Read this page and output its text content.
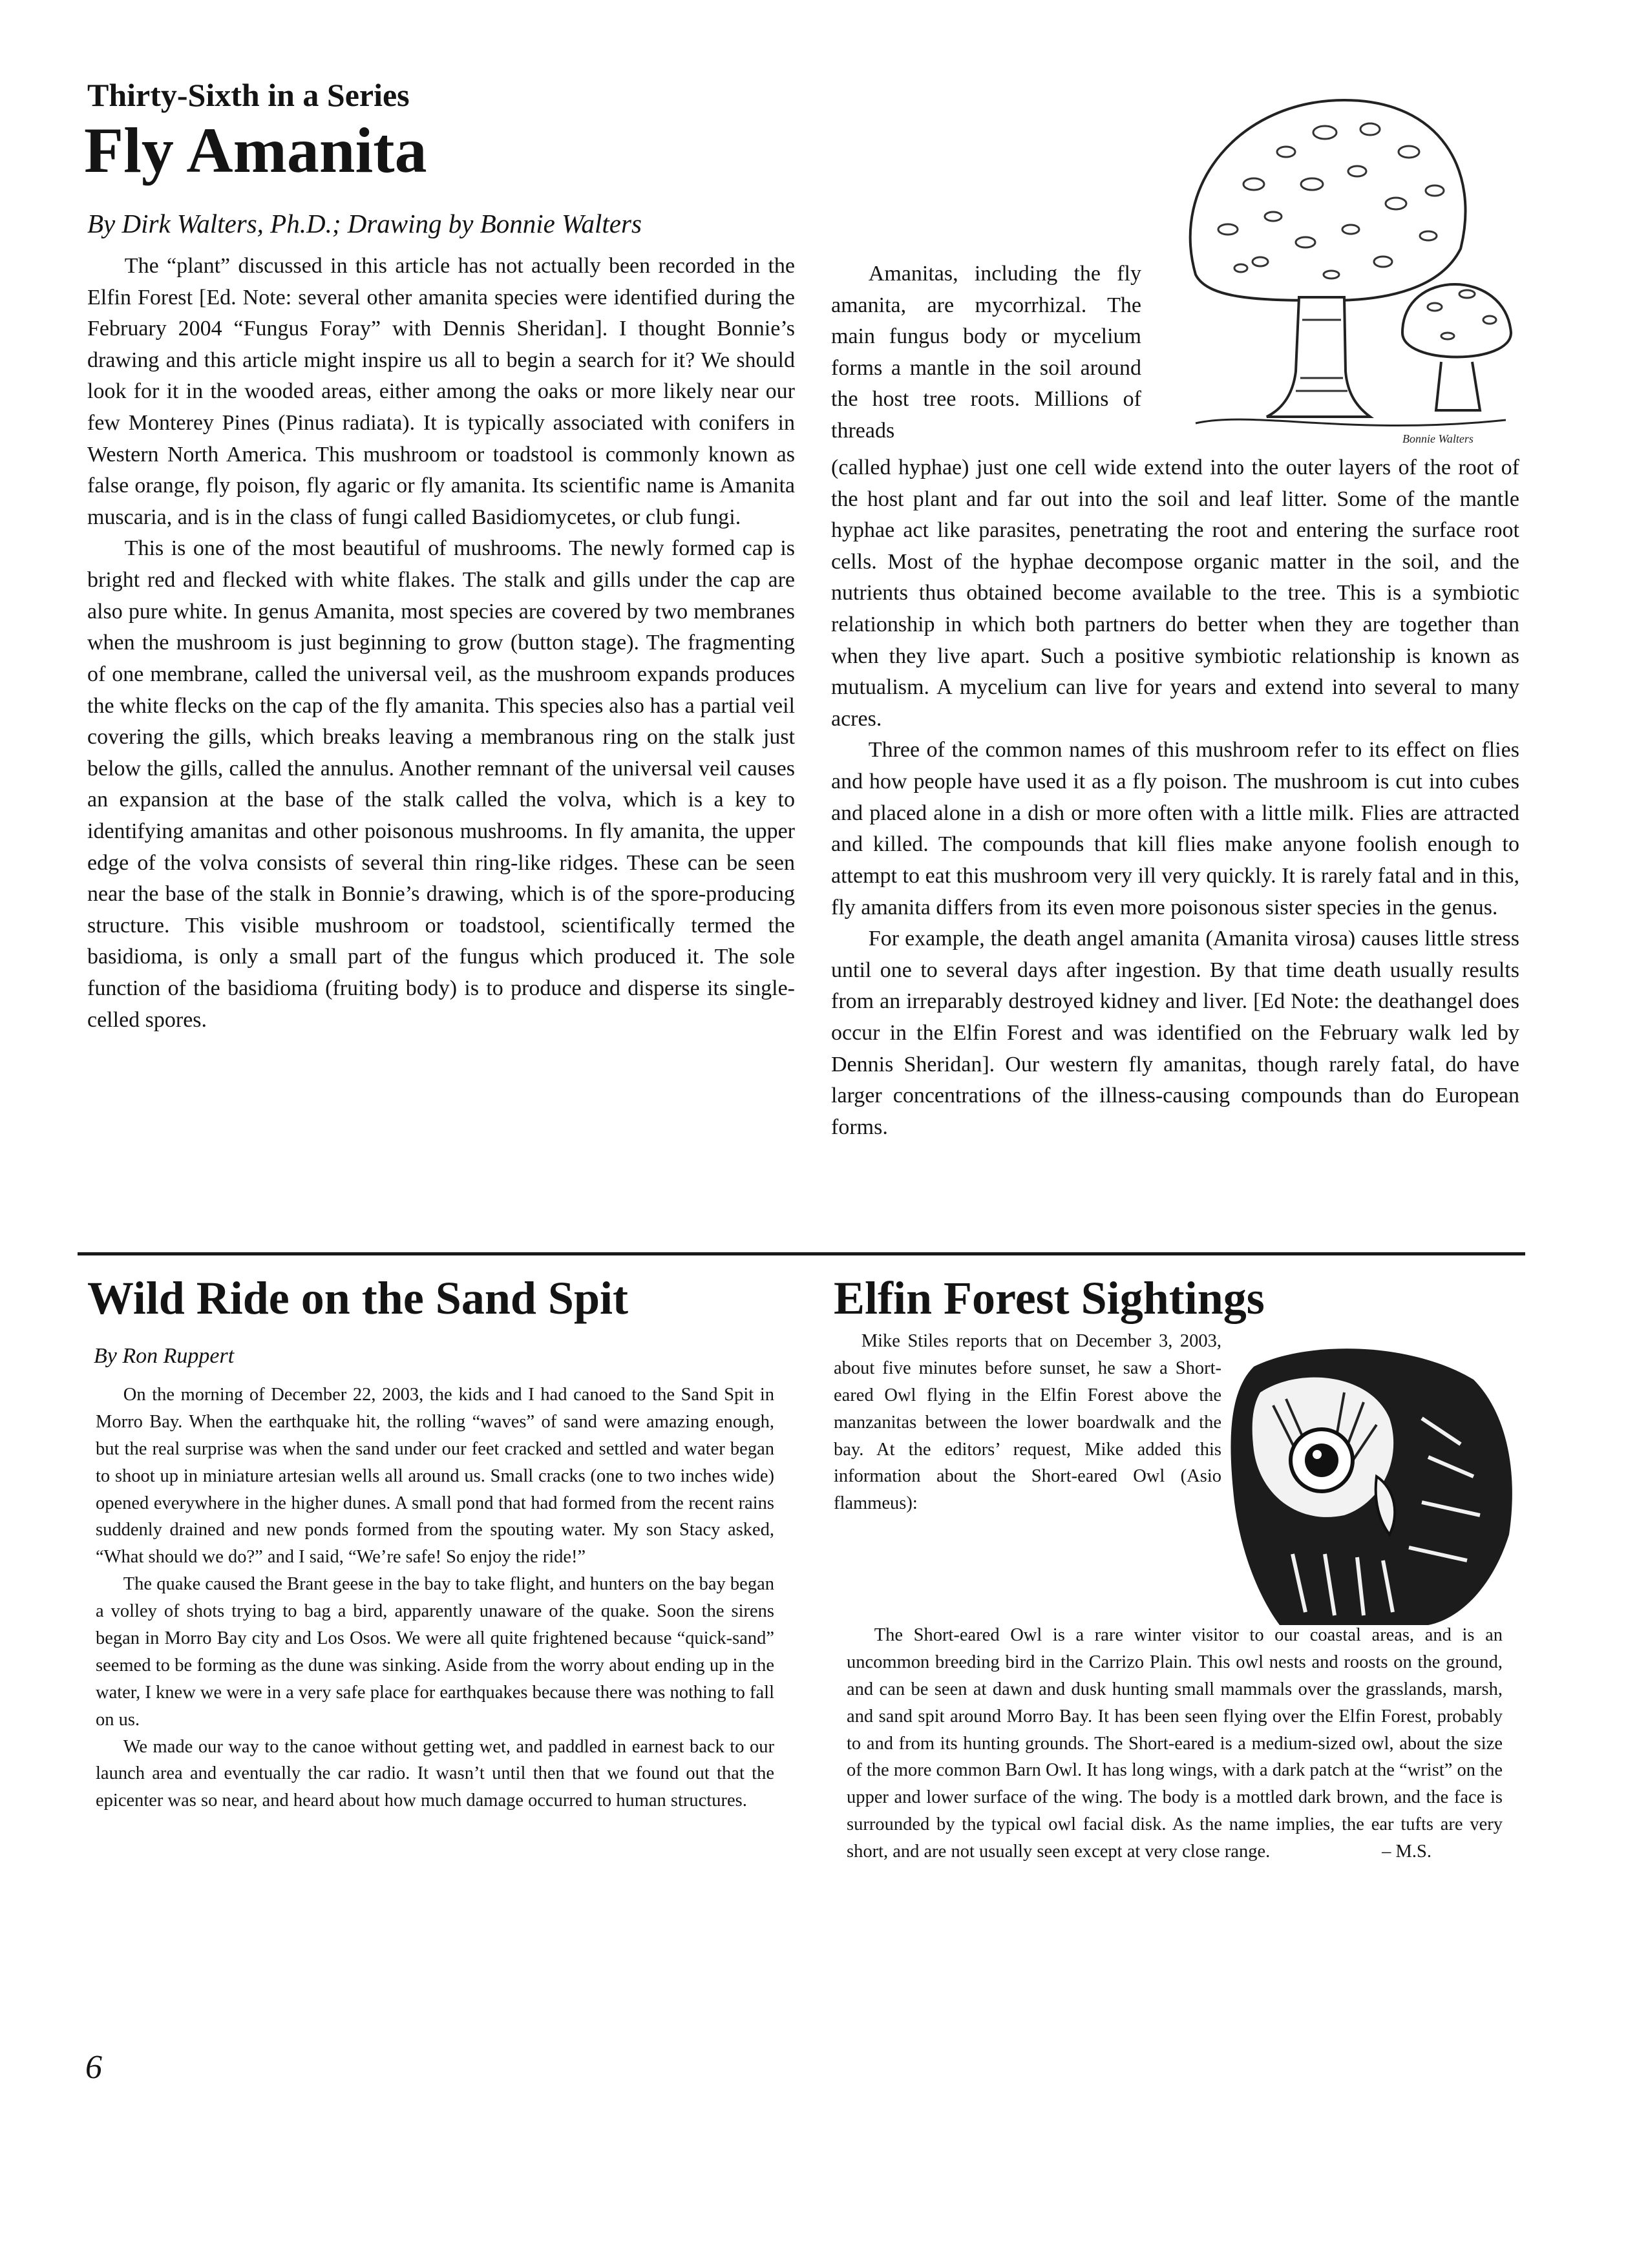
Thirty-Sixth in a Series
Fly Amanita
By Dirk Walters, Ph.D.; Drawing by Bonnie Walters

The “plant” discussed in this article has not actually been recorded in the Elfin Forest [Ed. Note: several other amanita species were identified during the February 2004 “Fungus Foray” with Dennis Sheridan]. I thought Bonnie’s drawing and this article might inspire us all to begin a search for it? We should look for it in the wooded areas, either among the oaks or more likely near our few Monterey Pines (Pinus radiata). It is typically associated with conifers in Western North America. This mushroom or toadstool is commonly known as false orange, fly poison, fly agaric or fly amanita. Its scientific name is Amanita muscaria, and is in the class of fungi called Basidiomycetes, or club fungi.

This is one of the most beautiful of mushrooms. The newly formed cap is bright red and flecked with white flakes. The stalk and gills under the cap are also pure white. In genus Amanita, most species are covered by two membranes when the mushroom is just beginning to grow (button stage). The fragmenting of one membrane, called the universal veil, as the mushroom expands produces the white flecks on the cap of the fly amanita. This species also has a partial veil covering the gills, which breaks leaving a membranous ring on the stalk just below the gills, called the annulus. Another remnant of the universal veil causes an expansion at the base of the stalk called the volva, which is a key to identifying amanitas and other poisonous mushrooms. In fly amanita, the upper edge of the volva consists of several thin ring-like ridges. These can be seen near the base of the stalk in Bonnie’s drawing, which is of the spore-producing structure. This visible mushroom or toadstool, scientifically termed the basidioma, is only a small part of the fungus which produced it. The sole function of the basidioma (fruiting body) is to produce and disperse its single-celled spores.

Bonnie Walters

Amanitas, including the fly amanita, are mycorrhizal. The main fungus body or mycelium forms a mantle in the soil around the host tree roots. Millions of threads

(called hyphae) just one cell wide extend into the outer layers of the root of the host plant and far out into the soil and leaf litter. Some of the mantle hyphae act like parasites, penetrating the root and entering the surface root cells. Most of the hyphae decompose organic matter in the soil, and the nutrients thus obtained become available to the tree. This is a symbiotic relationship in which both partners do better when they are together than when they live apart. Such a positive symbiotic relationship is known as mutualism. A mycelium can live for years and extend into several to many acres.

Three of the common names of this mushroom refer to its effect on flies and how people have used it as a fly poison. The mushroom is cut into cubes and placed alone in a dish or more often with a little milk. Flies are attracted and killed. The compounds that kill flies make anyone foolish enough to attempt to eat this mushroom very ill very quickly. It is rarely fatal and in this, fly amanita differs from its even more poisonous sister species in the genus.

For example, the death angel amanita (Amanita virosa) causes little stress until one to several days after ingestion. By that time death usually results from an irreparably destroyed kidney and liver. [Ed Note: the deathangel does occur in the Elfin Forest and was identified on the February walk led by Dennis Sheridan]. Our western fly amanitas, though rarely fatal, do have larger concentrations of the illness-causing compounds than do European forms.

Wild Ride on the Sand Spit
By Ron Ruppert

On the morning of December 22, 2003, the kids and I had canoed to the Sand Spit in Morro Bay. When the earthquake hit, the rolling “waves” of sand were amazing enough, but the real surprise was when the sand under our feet cracked and settled and water began to shoot up in miniature artesian wells all around us. Small cracks (one to two inches wide) opened everywhere in the higher dunes. A small pond that had formed from the recent rains suddenly drained and new ponds formed from the spouting water. My son Stacy asked, “What should we do?” and I said, “We’re safe! So enjoy the ride!”

The quake caused the Brant geese in the bay to take flight, and hunters on the bay began a volley of shots trying to bag a bird, apparently unaware of the quake. Soon the sirens began in Morro Bay city and Los Osos. We were all quite frightened because “quick-sand” seemed to be forming as the dune was sinking. Aside from the worry about ending up in the water, I knew we were in a very safe place for earthquakes because there was nothing to fall on us.

We made our way to the canoe without getting wet, and paddled in earnest back to our launch area and eventually the car radio. It wasn’t until then that we found out that the epicenter was so near, and heard about how much damage occurred to human structures.

Elfin Forest Sightings

Mike Stiles reports that on December 3, 2003, about five minutes before sunset, he saw a Short-eared Owl flying in the Elfin Forest above the manzanitas between the lower boardwalk and the bay. At the editors’ request, Mike added this information about the Short-eared Owl (Asio flammeus):

The Short-eared Owl is a rare winter visitor to our coastal areas, and is an uncommon breeding bird in the Carrizo Plain. This owl nests and roosts on the ground, and can be seen at dawn and dusk hunting small mammals over the grasslands, marsh, and sand spit around Morro Bay. It has been seen flying over the Elfin Forest, probably to and from its hunting grounds. The Short-eared is a medium-sized owl, about the size of the more common Barn Owl. It has long wings, with a dark patch at the “wrist” on the upper and lower surface of the wing. The body is a mottled dark brown, and the face is surrounded by the typical owl facial disk. As the name implies, the ear tufts are very short, and are not usually seen except at very close range.	– M.S.
6
